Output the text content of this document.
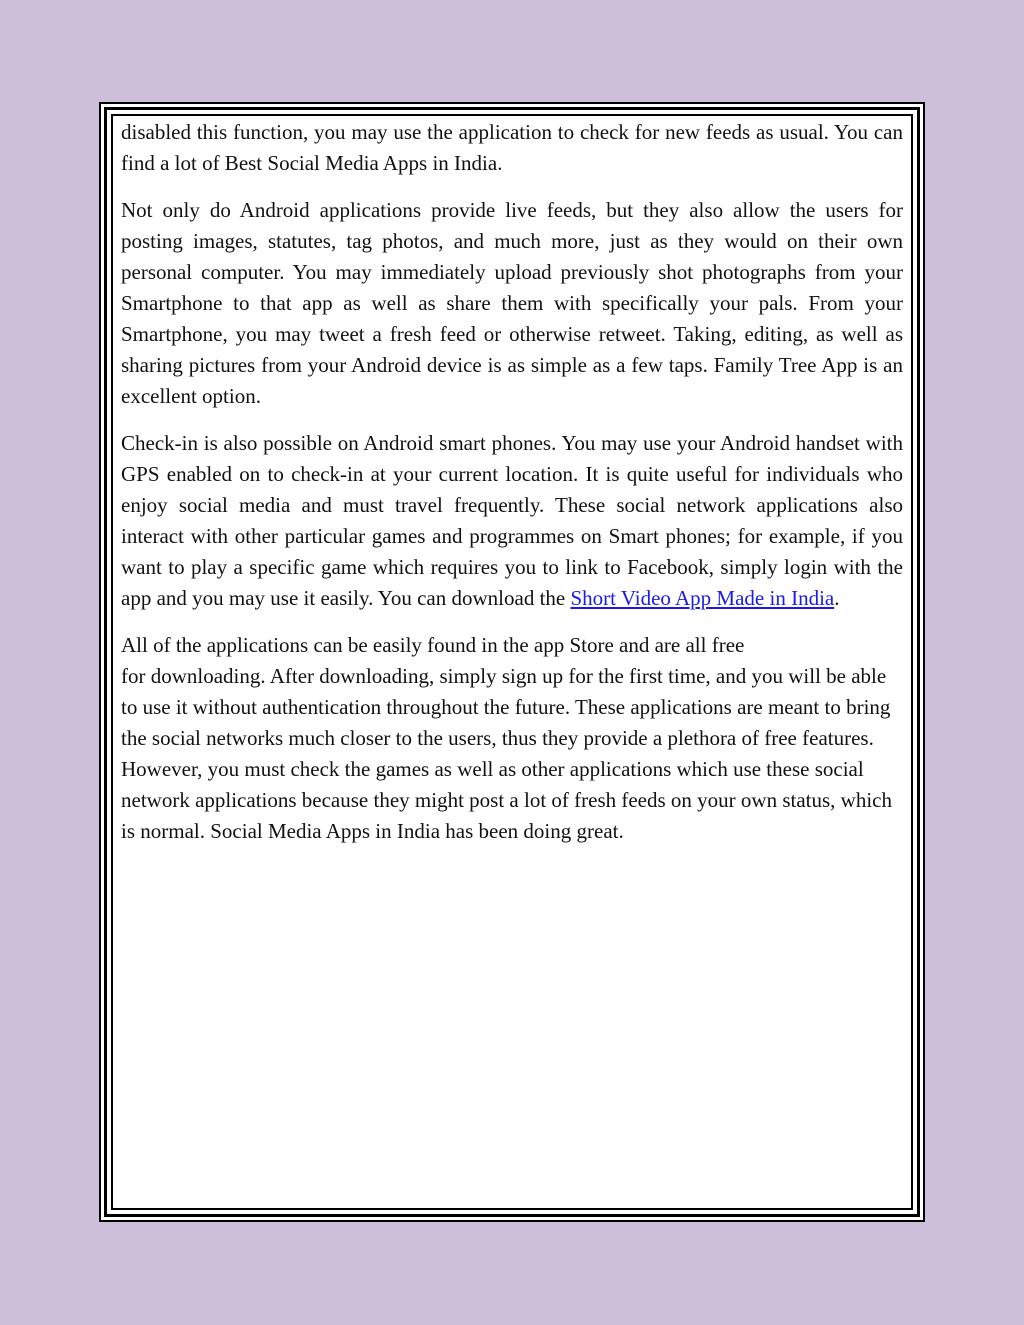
disabled this function, you may use the application to check for new feeds as usual. You can find a lot of Best Social Media Apps in India.

Not only do Android applications provide live feeds, but they also allow the users for posting images, statutes, tag photos, and much more, just as they would on their own personal computer. You may immediately upload previously shot photographs from your Smartphone to that app as well as share them with specifically your pals. From your Smartphone, you may tweet a fresh feed or otherwise retweet. Taking, editing, as well as sharing pictures from your Android device is as simple as a few taps. Family Tree App is an excellent option.

Check-in is also possible on Android smart phones. You may use your Android handset with GPS enabled on to check-in at your current location. It is quite useful for individuals who enjoy social media and must travel frequently. These social network applications also interact with other particular games and programmes on Smart phones; for example, if you want to play a specific game which requires you to link to Facebook, simply login with the app and you may use it easily. You can download the Short Video App Made in India.

All of the applications can be easily found in the app Store and are all free
for downloading. After downloading, simply sign up for the first time, and you will be able to use it without authentication throughout the future. These applications are meant to bring the social networks much closer to the users, thus they provide a plethora of free features. However, you must check the games as well as other applications which use these social network applications because they might post a lot of fresh feeds on your own status, which is normal. Social Media Apps in India has been doing great.
